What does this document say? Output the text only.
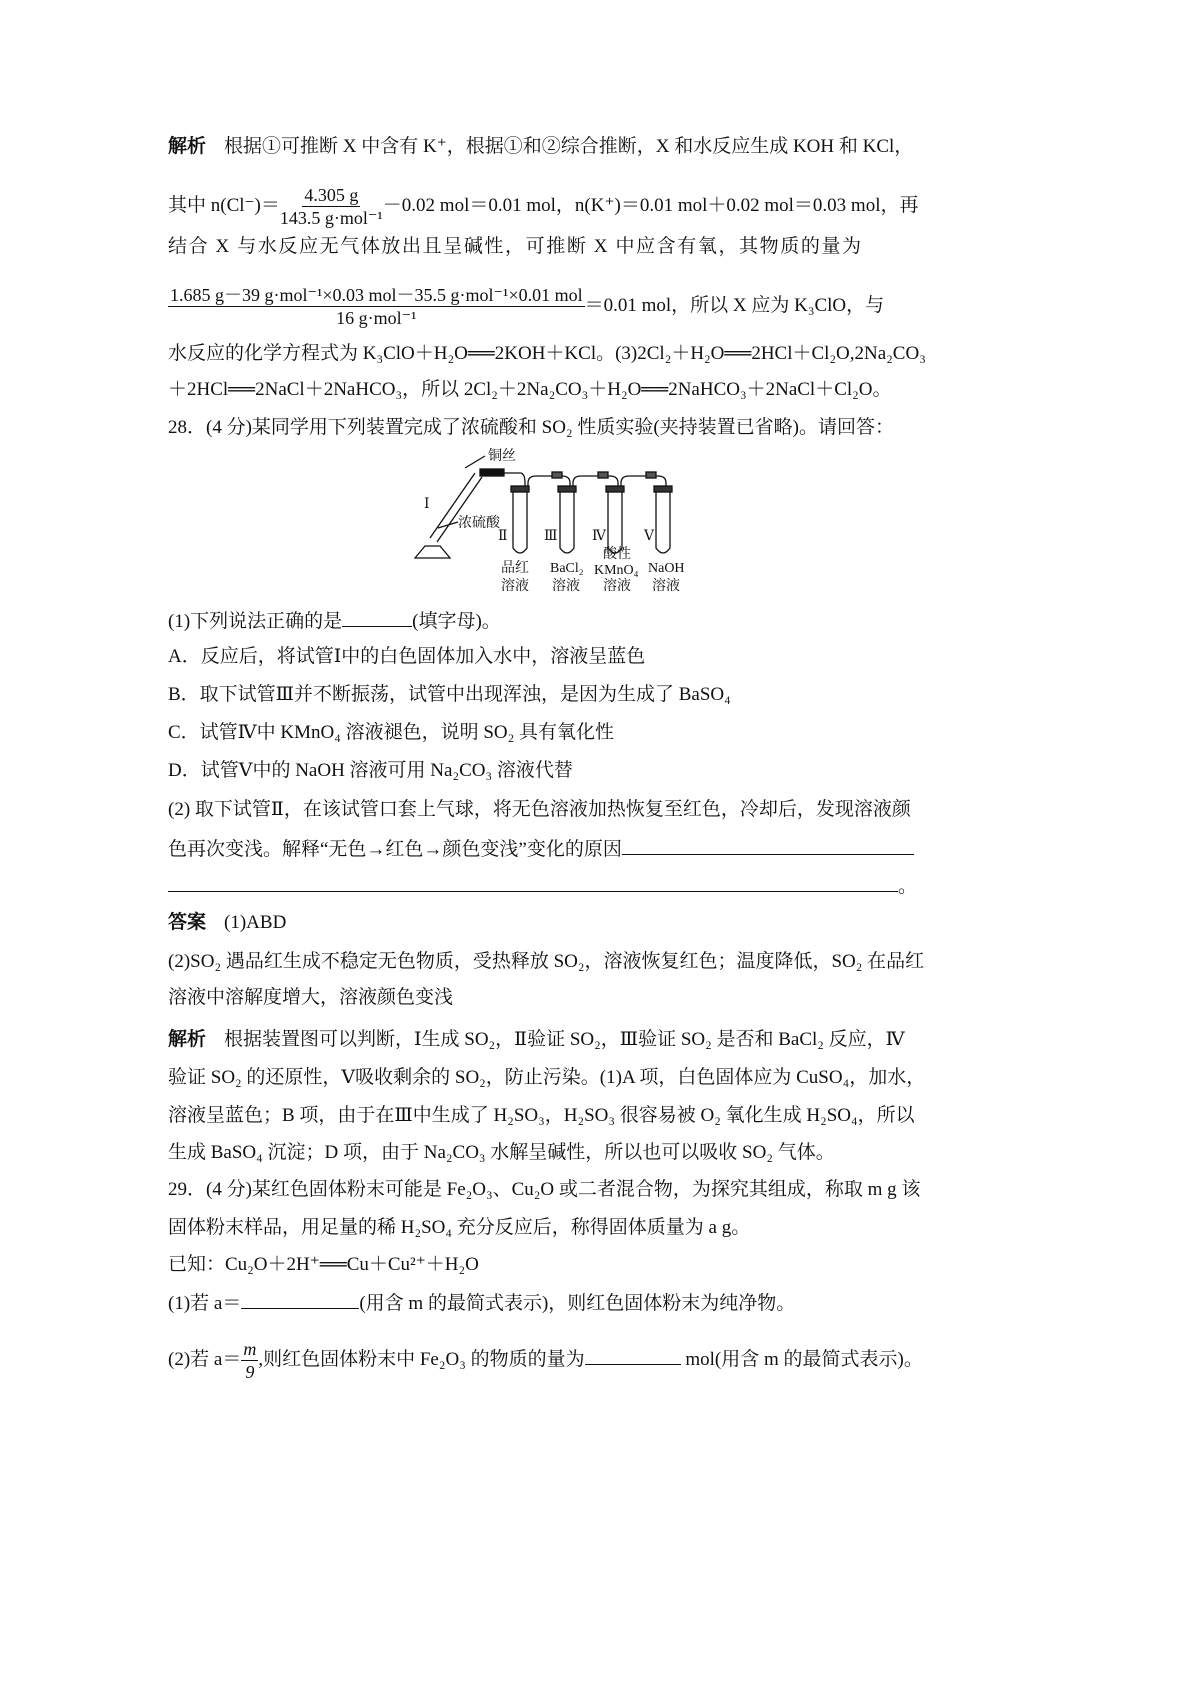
解析 根据①可推断 X 中含有 K⁺，根据①和②综合推断，X 和水反应生成 KOH 和 KCl，
其中 $n(Cl^-)= \frac{4.305 g}{\text{143.5 g·mol⁻¹}} -0.02$ mol＝0.01 mol，n(K⁺)＝0.01 mol＋0.02 mol＝0.03 mol，再
结合 X 与水反应无气体放出且呈碱性，可推断 X 中应含有氧，其物质的量为
$\frac{\text{1.685 g－39 g·mol⁻¹×0.03 mol－35.5 g·mol⁻¹×0.01 mol}}{\text{16 g·mol⁻¹}} =0.01$ mol，所以 X 应为 K₃ClO，与
水反应的化学方程式为 K₃ClO＋H₂O══2KOH＋KCl。(3)2Cl₂＋H₂O══2HCl＋Cl₂O,2Na₂CO₃
＋2HCl══2NaCl＋2NaHCO₃，所以 2Cl₂＋2Na₂CO₃＋H₂O══2NaHCO₃＋2NaCl＋Cl₂O。
28．(4 分)某同学用下列装置完成了浓硫酸和 SO₂ 性质实验(夹持装置已省略)。请回答：
铜丝
浓硫酸
Ⅰ
Ⅱ	Ⅲ Ⅳ	Ⅴ
品红
溶液
BaCl₂
溶液
酸性
KMnO₄
溶液
NaOH
溶液
(1)下列说法正确的是	(填字母)。
A．反应后，将试管Ⅰ中的白色固体加入水中，溶液呈蓝色
B．取下试管Ⅲ并不断振荡，试管中出现浑浊，是因为生成了 BaSO₄
C．试管Ⅳ中 KMnO₄ 溶液褪色，说明 SO₂ 具有氧化性
D．试管Ⅴ中的 NaOH 溶液可用 Na₂CO₃ 溶液代替
(2) 取下试管Ⅱ，在该试管口套上气球，将无色溶液加热恢复至红色，冷却后，发现溶液颜
色再次变浅。解释“无色→红色→颜色变浅”变化的原因
。
答案 (1)ABD
(2)SO₂ 遇品红生成不稳定无色物质，受热释放 SO₂，溶液恢复红色；温度降低，SO₂ 在品红
溶液中溶解度增大，溶液颜色变浅
解析 根据装置图可以判断，Ⅰ生成 SO₂，Ⅱ验证 SO₂，Ⅲ验证 SO₂ 是否和 BaCl₂ 反应，Ⅳ
验证 SO₂ 的还原性，Ⅴ吸收剩余的 SO₂，防止污染。(1)A 项，白色固体应为 CuSO₄，加水，
溶液呈蓝色；B 项，由于在Ⅲ中生成了 H₂SO₃，H₂SO₃ 很容易被 O₂ 氧化生成 H₂SO₄，所以
生成 BaSO₄ 沉淀；D 项，由于 Na₂CO₃ 水解呈碱性，所以也可以吸收 SO₂ 气体。
29．(4 分)某红色固体粉末可能是 Fe₂O₃、Cu₂O 或二者混合物，为探究其组成，称取 m g 该
固体粉末样品，用足量的稀 H₂SO₄ 充分反应后，称得固体质量为 a g。
已知：Cu₂O＋2H⁺══Cu＋Cu²⁺＋H₂O
(1)若 a＝	(用含 m 的最简式表示)，则红色固体粉末为纯净物。
(2)若 $a= \frac{m}{9}$ ,则红色固体粉末中 Fe₂O₃ 的物质的量为	mol(用含 m 的最简式表示)。
